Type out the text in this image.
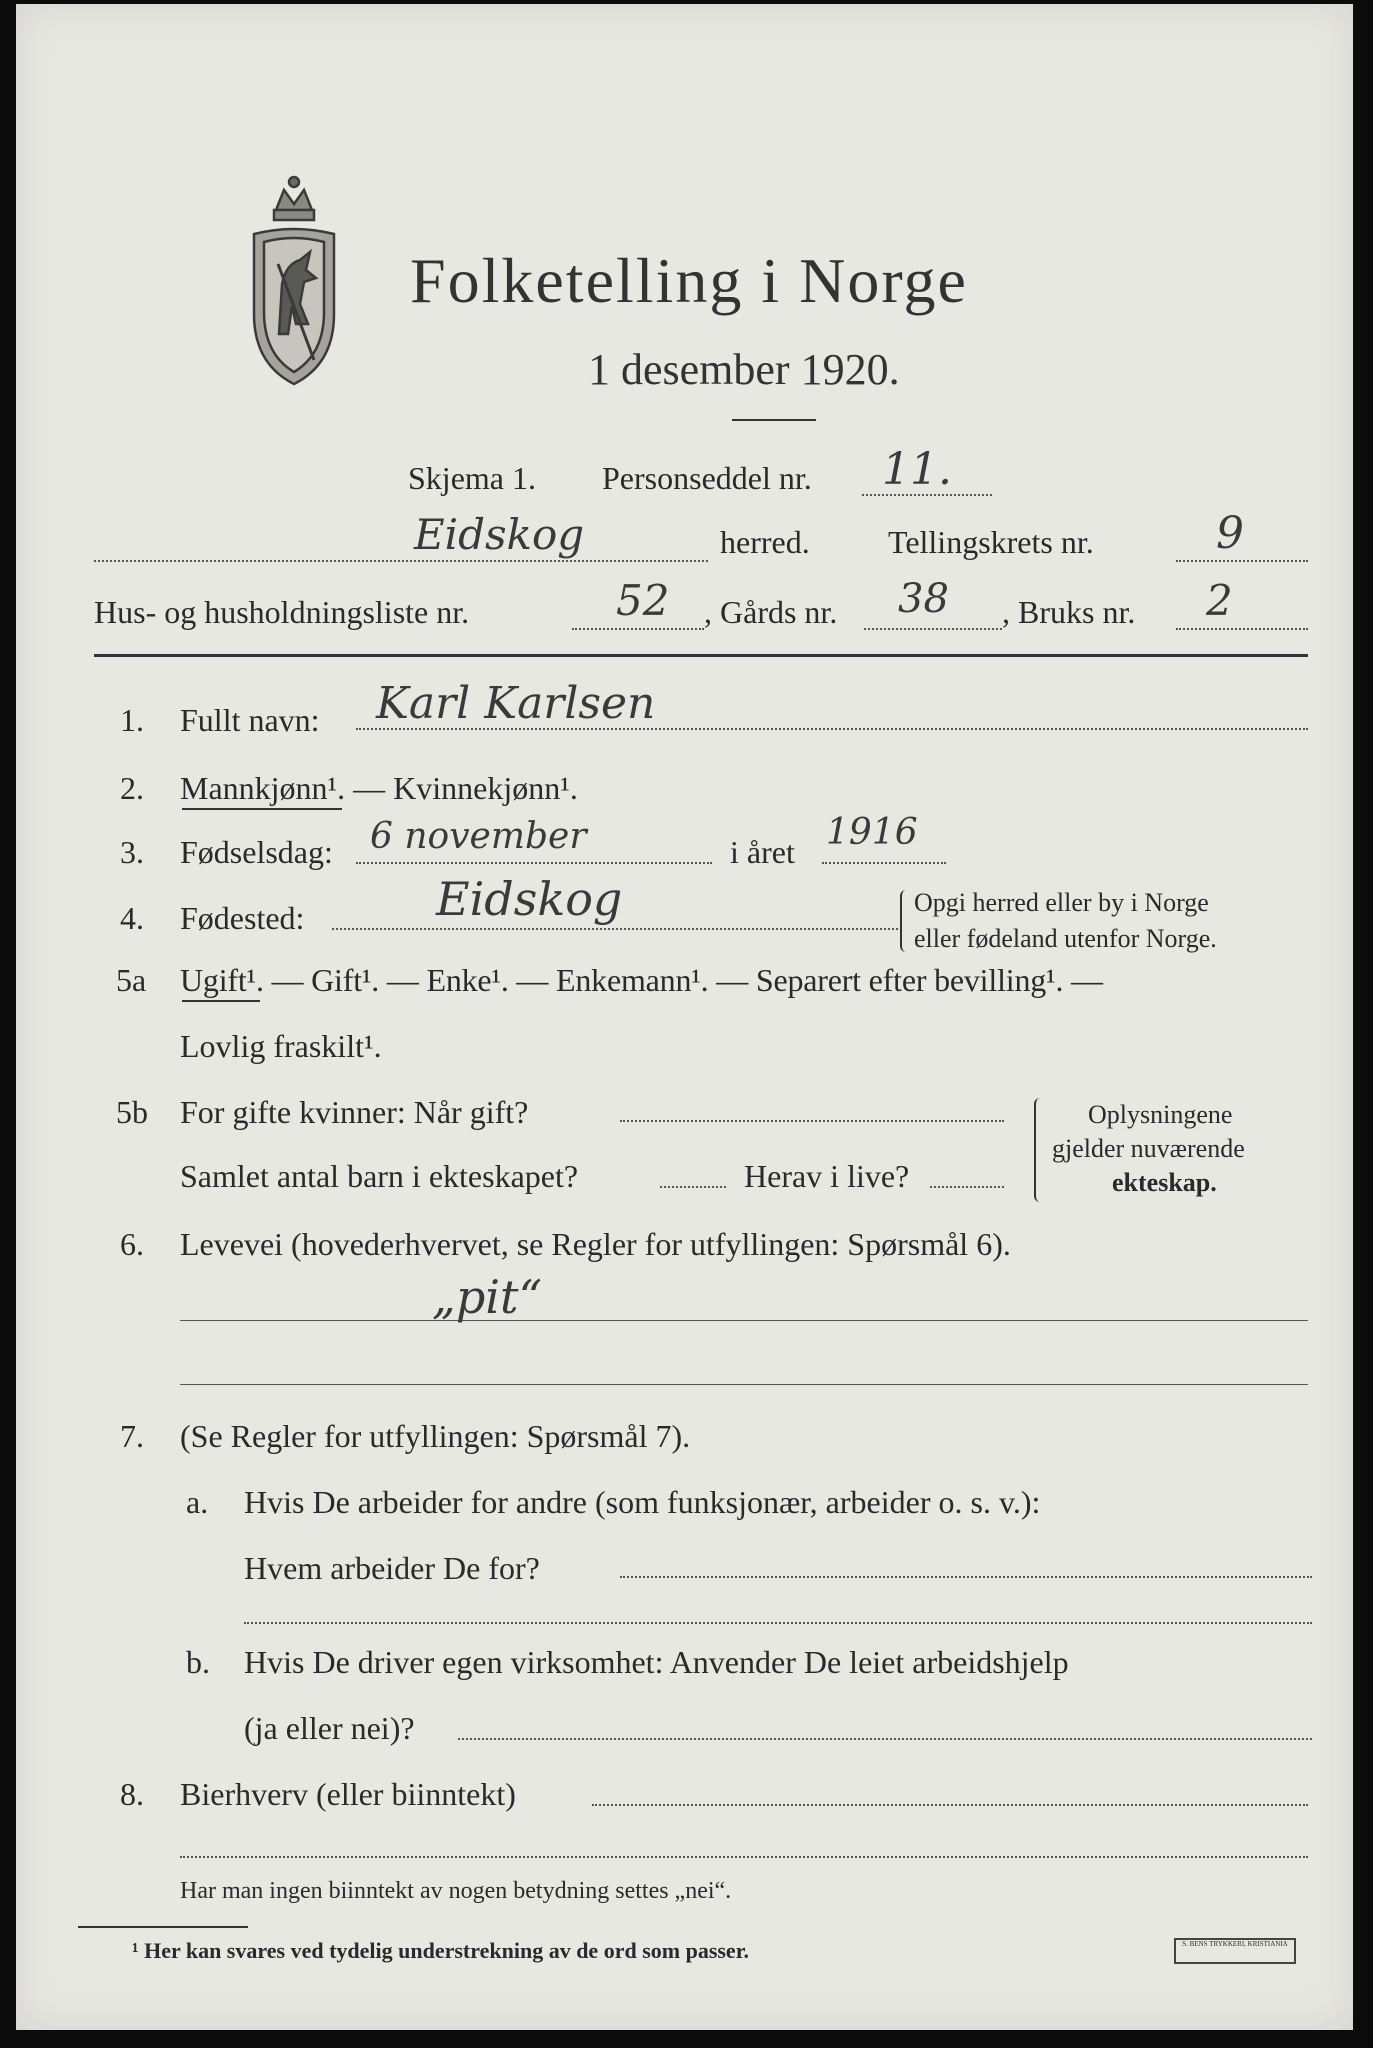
Folketelling i Norge
1 desember 1920.
Skjema 1. Personseddel nr. 11.
Eidskog	herred. Tellingskrets nr.	9
Hus- og husholdningsliste nr.	52 , Gårds nr. 38 , Bruks nr. 2
1. Fullt navn: Karl Karlsen
2. Mannkjønn¹. — Kvinnekjønn¹.
3. Fødselsdag: 6 november	i året 1916
4. Fødested:	Eidskog	Opgi herred eller by i Norge
eller fødeland utenfor Norge.
5a Ugift¹. — Gift¹. — Enke¹. — Enkemann¹. — Separert efter bevilling¹. —
Lovlig fraskilt¹.
5b For gifte kvinner: Når gift?
Samlet antal barn i ekteskapet?	Herav i live?
Oplysningene
gjelder nuværende
ekteskap.
6. Levevei (hovederhvervet, se Regler for utfyllingen: Spørsmål 6).
„pit“
7. (Se Regler for utfyllingen: Spørsmål 7).
a. Hvis De arbeider for andre (som funksjonær, arbeider o. s. v.):
Hvem arbeider De for?
b. Hvis De driver egen virksomhet: Anvender De leiet arbeidshjelp
(ja eller nei)?
8. Bierhverv (eller biinntekt)
Har man ingen biinntekt av nogen betydning settes „nei“.
¹ Her kan svares ved tydelig understrekning av de ord som passer.	S. BENS TRYKKERI, KRISTIANIA
